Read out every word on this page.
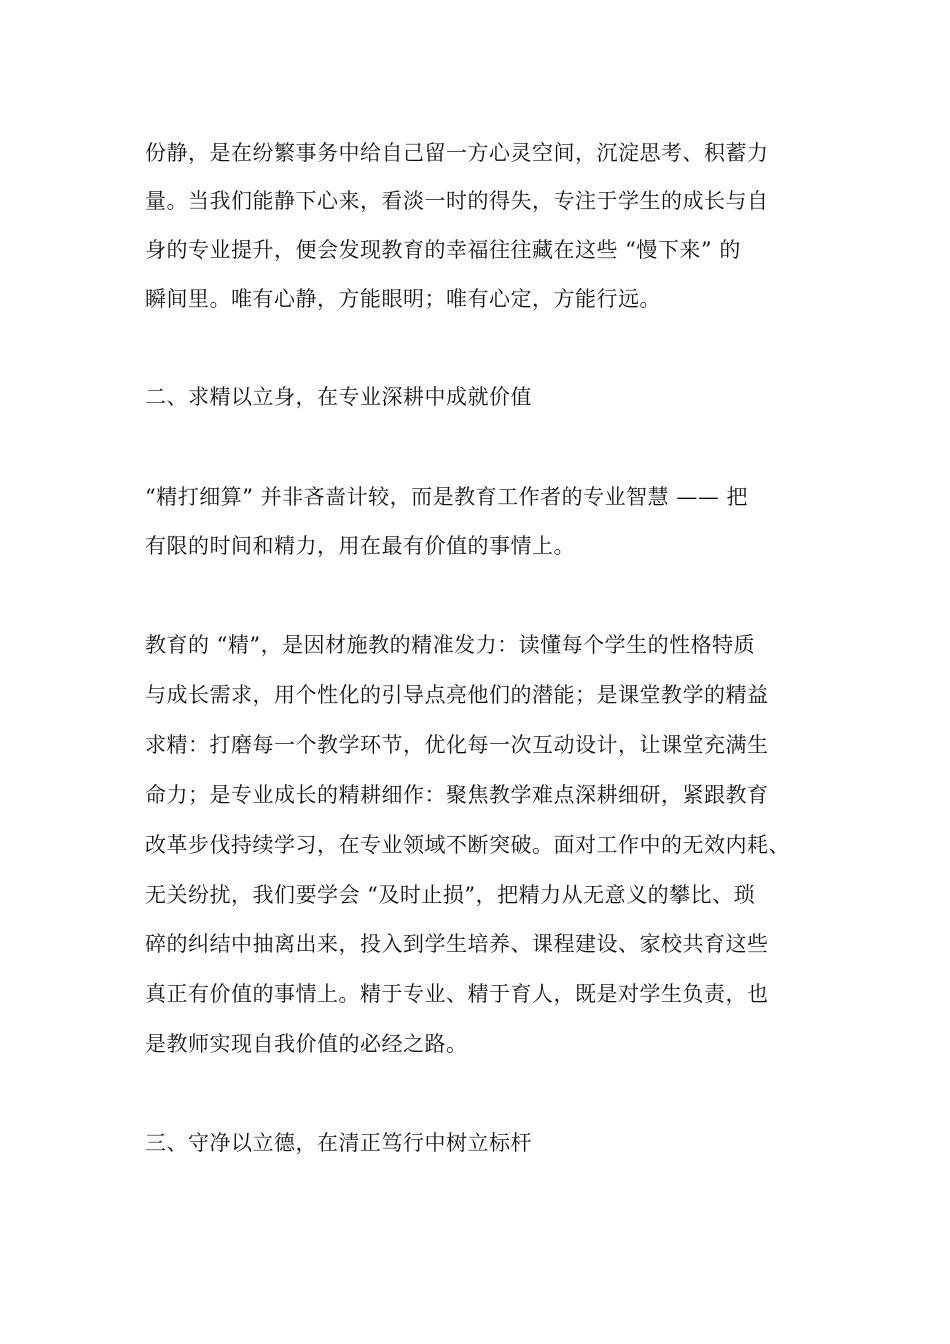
份静，是在纷繁事务中给自己留一方心灵空间，沉淀思考、积蓄力
量。当我们能静下心来，看淡一时的得失，专注于学生的成长与自
身的专业提升，便会发现教育的幸福往往藏在这些 “慢下来” 的
瞬间里。唯有心静，方能眼明；唯有心定，方能行远。
二、求精以立身，在专业深耕中成就价值
“精打细算” 并非吝啬计较，而是教育工作者的专业智慧 —— 把
有限的时间和精力，用在最有价值的事情上。
教育的 “精”，是因材施教的精准发力：读懂每个学生的性格特质
与成长需求，用个性化的引导点亮他们的潜能；是课堂教学的精益
求精：打磨每一个教学环节，优化每一次互动设计，让课堂充满生
命力；是专业成长的精耕细作：聚焦教学难点深耕细研，紧跟教育
改革步伐持续学习，在专业领域不断突破。面对工作中的无效内耗、
无关纷扰，我们要学会 “及时止损”，把精力从无意义的攀比、琐
碎的纠结中抽离出来，投入到学生培养、课程建设、家校共育这些
真正有价值的事情上。精于专业、精于育人，既是对学生负责，也
是教师实现自我价值的必经之路。
三、守净以立德，在清正笃行中树立标杆
